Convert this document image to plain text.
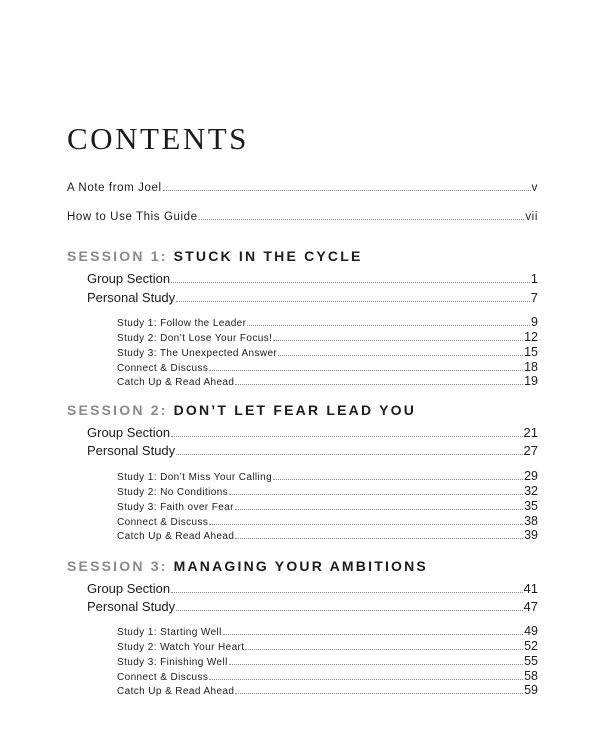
CONTENTS
A Note from Joel	v
How to Use This Guide	vii
SESSION 1: STUCK IN THE CYCLE
Group Section	1
Personal Study	7
Study 1: Follow the Leader	9
Study 2: Don’t Lose Your Focus!	12
Study 3: The Unexpected Answer	15
Connect & Discuss	18
Catch Up & Read Ahead	19
SESSION 2: DON’T LET FEAR LEAD YOU
Group Section	21
Personal Study	27
Study 1: Don’t Miss Your Calling	29
Study 2: No Conditions	32
Study 3: Faith over Fear	35
Connect & Discuss	38
Catch Up & Read Ahead	39
SESSION 3: MANAGING YOUR AMBITIONS
Group Section	41
Personal Study	47
Study 1: Starting Well	49
Study 2: Watch Your Heart	52
Study 3: Finishing Well	55
Connect & Discuss	58
Catch Up & Read Ahead	59
